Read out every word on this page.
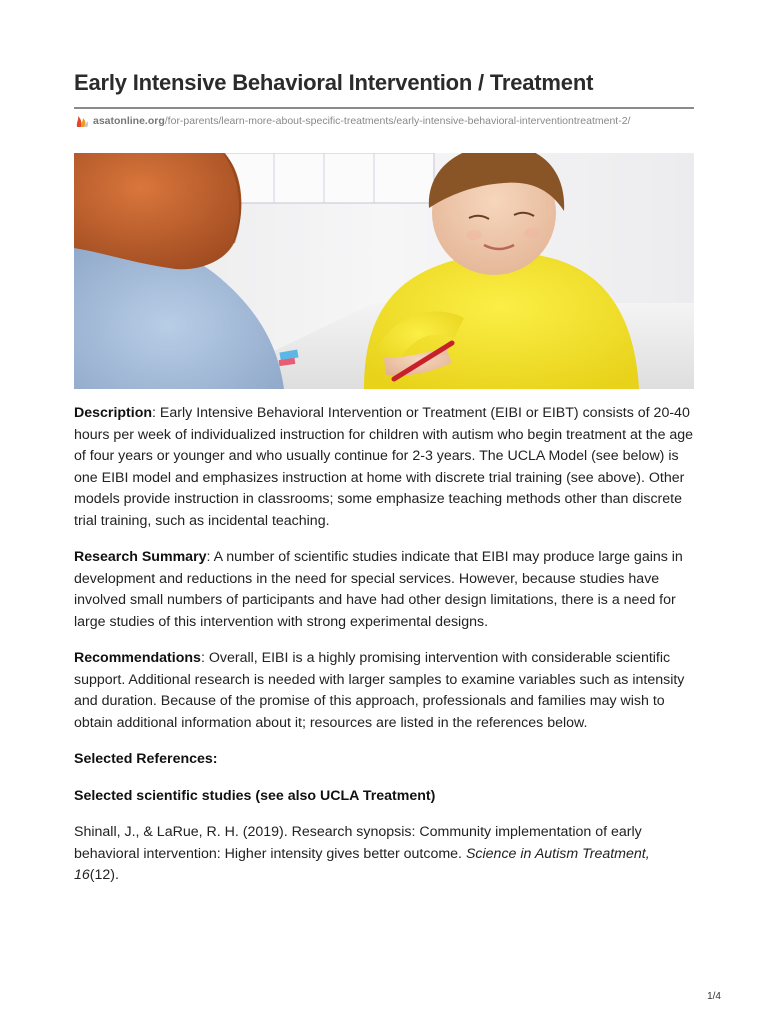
Early Intensive Behavioral Intervention / Treatment
asatonline.org/for-parents/learn-more-about-specific-treatments/early-intensive-behavioral-interventiontreatment-2/

Description: Early Intensive Behavioral Intervention or Treatment (EIBI or EIBT) consists of 20-40 hours per week of individualized instruction for children with autism who begin treatment at the age of four years or younger and who usually continue for 2-3 years. The UCLA Model (see below) is one EIBI model and emphasizes instruction at home with discrete trial training (see above). Other models provide instruction in classrooms; some emphasize teaching methods other than discrete trial training, such as incidental teaching.

Research Summary: A number of scientific studies indicate that EIBI may produce large gains in development and reductions in the need for special services. However, because studies have involved small numbers of participants and have had other design limitations, there is a need for large studies of this intervention with strong experimental designs.

Recommendations: Overall, EIBI is a highly promising intervention with considerable scientific support. Additional research is needed with larger samples to examine variables such as intensity and duration. Because of the promise of this approach, professionals and families may wish to obtain additional information about it; resources are listed in the references below.

Selected References:

Selected scientific studies (see also UCLA Treatment)

Shinall, J., & LaRue, R. H. (2019). Research synopsis: Community implementation of early behavioral intervention: Higher intensity gives better outcome. Science in Autism Treatment, 16(12).

1/4
